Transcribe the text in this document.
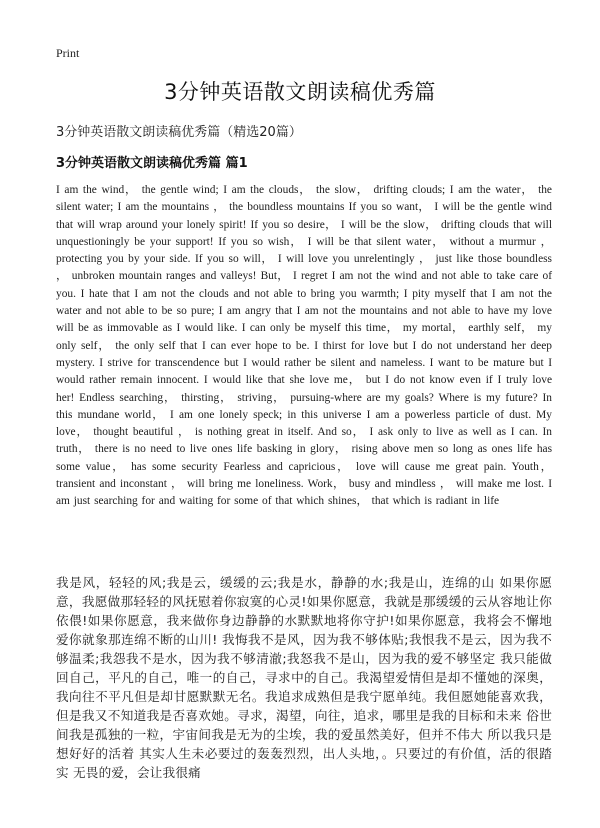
Print
3分钟英语散文朗读稿优秀篇
3分钟英语散文朗读稿优秀篇（精选20篇）
3分钟英语散文朗读稿优秀篇 篇1

I am the wind， the gentle wind; I am the clouds， the slow， drifting clouds; I am the water， the silent water; I am the mountains ， the boundless mountains If you so want， I will be the gentle wind that will wrap around your lonely spirit! If you so desire， I will be the slow， drifting clouds that will unquestioningly be your support! If you so wish， I will be that silent water， without a murmur ， protecting you by your side. If you so will， I will love you unrelentingly ， just like those boundless ， unbroken mountain ranges and valleys! But， I regret I am not the wind and not able to take care of you. I hate that I am not the clouds and not able to bring you warmth; I pity myself that I am not the water and not able to be so pure; I am angry that I am not the mountains and not able to have my love will be as immovable as I would like. I can only be myself this time， my mortal， earthly self， my only self， the only self that I can ever hope to be. I thirst for love but I do not understand her deep mystery. I strive for transcendence but I would rather be silent and nameless. I want to be mature but I would rather remain innocent. I would like that she love me， but I do not know even if I truly love her! Endless searching， thirsting， striving， pursuing-where are my goals? Where is my future? In this mundane world， I am one lonely speck; in this universe I am a powerless particle of dust. My love， thought beautiful ， is nothing great in itself. And so， I ask only to live as well as I can. In truth， there is no need to live ones life basking in glory， rising above men so long as ones life has some value， has some security Fearless and capricious， love will cause me great pain. Youth， transient and inconstant ， will bring me loneliness. Work， busy and mindless ， will make me lost. I am just searching for and waiting for some of that which shines， that which is radiant in life

我是风，轻轻的风;我是云，缓缓的云;我是水，静静的水;我是山，连绵的山 如果你愿意，我愿做那轻轻的风抚慰着你寂寞的心灵!如果你愿意，我就是那缓缓的云从容地让你依偎!如果你愿意，我来做你身边静静的水默默地将你守护!如果你愿意，我将会不懈地爱你就象那连绵不断的山川! 我悔我不是风，因为我不够体贴;我恨我不是云，因为我不够温柔;我怨我不是水，因为我不够清澈;我怒我不是山，因为我的爱不够坚定 我只能做回自己，平凡的自己，唯一的自己，寻求中的自己。我渴望爱情但是却不懂她的深奥，我向往不平凡但是却甘愿默默无名。我追求成熟但是我宁愿单纯。我但愿她能喜欢我，但是我又不知道我是否喜欢她。寻求，渴望，向往，追求，哪里是我的目标和未来 俗世间我是孤独的一粒，宇宙间我是无为的尘埃，我的爱虽然美好，但并不伟大 所以我只是想好好的活着 其实人生未必要过的轰轰烈烈，出人头地，。只要过的有价值，活的很踏实 无畏的爱，会让我很痛
